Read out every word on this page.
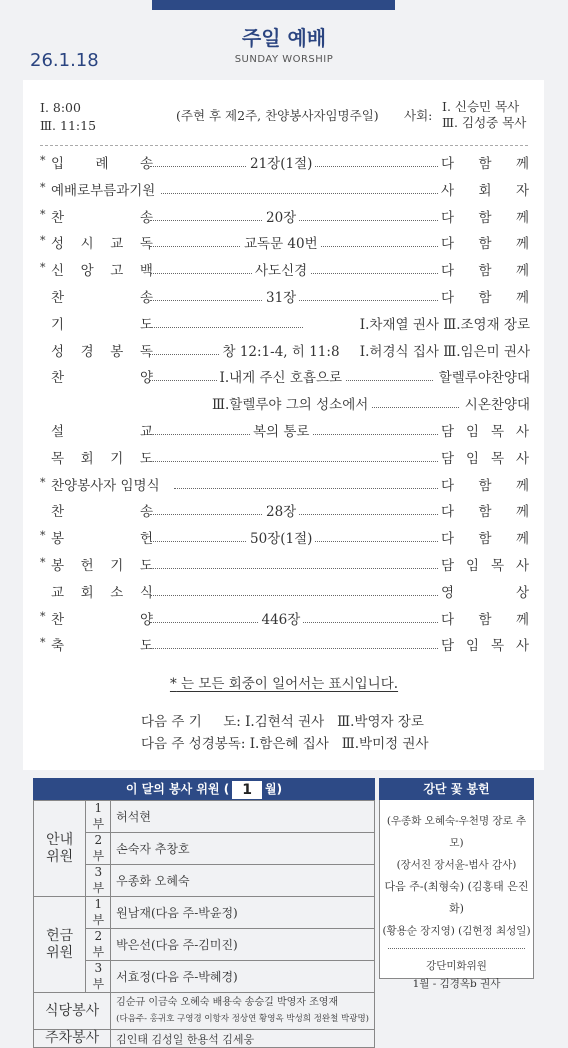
주일 예배
SUNDAY WORSHIP
26.1.18
Ⅰ. 8:00
Ⅲ. 11:15
(주현 후 제2주, 찬양봉사자임명주일) 사회:
Ⅰ. 신승민 목사
Ⅲ. 김성중 목사
* 입 례 송	21장(1절)	다 함 께
* 예배로부름과기원	사 회 자
* 찬	송	20장	다 함 께
* 성 시 교 독	교독문 40번	다 함 께
* 신 앙 고 백	사도신경	다 함 께
찬	송	31장	다 함 께
기	도	Ⅰ.차재열 권사 Ⅲ.조영재 장로
성 경 봉 독	창 12:1-4, 히 11:8 Ⅰ.허경식 집사 Ⅲ.임은미 권사
찬	양	Ⅰ.내게 주신 호흡으로	할렐루야찬양대
Ⅲ.할렐루야 그의 성소에서	시온찬양대
설	교	복의 통로	담 임 목 사
목 회 기 도	담 임 목 사
* 찬양봉사자 임명식	다 함 께
찬	송	28장	다 함 께
* 봉	헌	50장(1절)	다 함 께
* 봉 헌 기 도	담 임 목 사
교 회 소 식	영	상
* 찬	양	446장	다 함 께
* 축	도	담 임 목 사
* 는 모든 회중이 일어서는 표시입니다.
다음 주 기     도: Ⅰ.김현석 권사   Ⅲ.박영자 장로
다음 주 성경봉독: Ⅰ.함은혜 집사   Ⅲ.박미정 권사
이 달의 봉사 위원 ( 1 월)
안내 위원	1부	허석현
	2부	손숙자 추창호
	3부	우종화 오혜숙
헌금 위원	1부	원남재(다음 주-박윤정)
	2부	박은선(다음 주-김미진)
	3부	서효정(다음 주-박혜경)
식당봉사		김순규 이금숙 오혜숙 배용숙 송승길 박영자 조영재
(다음주- 홍귀호 구영경 이항자 정상연 황영옥 박성희 정완철 박광명)

주차봉사		김인태 김성일 한용석 김세웅
강단 꽃 봉헌
(우종화 오혜숙-우천명 장로 추모)
(장서진 장서윤-범사 감사)
다음 주-(최형숙) (김홍태 은진화)
(황용순 장지영) (김현정 최성일)
강단미화위원
1월 - 김경옥b 권사
